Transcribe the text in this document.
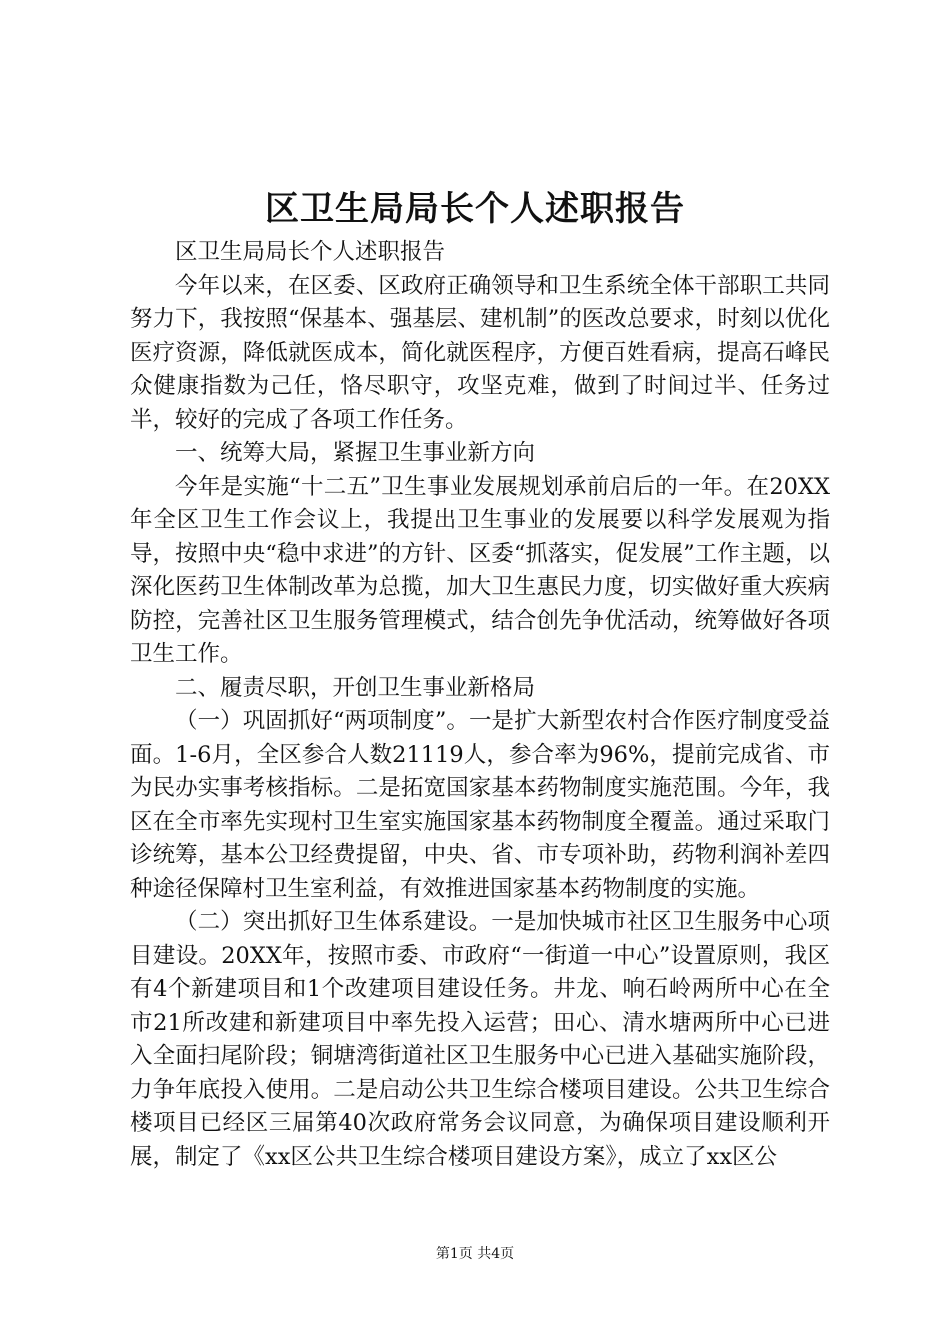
区卫生局局长个人述职报告

区卫生局局长个人述职报告

今年以来，在区委、区政府正确领导和卫生系统全体干部职工共同努力下，我按照“保基本、强基层、建机制”的医改总要求，时刻以优化医疗资源，降低就医成本，简化就医程序，方便百姓看病，提高石峰民众健康指数为己任，恪尽职守，攻坚克难，做到了时间过半、任务过半，较好的完成了各项工作任务。

一、统筹大局，紧握卫生事业新方向

今年是实施“十二五”卫生事业发展规划承前启后的一年。在20XX年全区卫生工作会议上，我提出卫生事业的发展要以科学发展观为指导，按照中央“稳中求进”的方针、区委“抓落实，促发展”工作主题，以深化医药卫生体制改革为总揽，加大卫生惠民力度，切实做好重大疾病防控，完善社区卫生服务管理模式，结合创先争优活动，统筹做好各项卫生工作。

二、履责尽职，开创卫生事业新格局

（一）巩固抓好“两项制度”。一是扩大新型农村合作医疗制度受益面。1-6月，全区参合人数21119人，参合率为96%，提前完成省、市为民办实事考核指标。二是拓宽国家基本药物制度实施范围。今年，我区在全市率先实现村卫生室实施国家基本药物制度全覆盖。通过采取门诊统筹，基本公卫经费提留，中央、省、市专项补助，药物利润补差四种途径保障村卫生室利益，有效推进国家基本药物制度的实施。

（二）突出抓好卫生体系建设。一是加快城市社区卫生服务中心项目建设。20XX年，按照市委、市政府“一街道一中心”设置原则，我区有4个新建项目和1个改建项目建设任务。井龙、响石岭两所中心在全市21所改建和新建项目中率先投入运营；田心、清水塘两所中心已进入全面扫尾阶段；铜塘湾街道社区卫生服务中心已进入基础实施阶段，力争年底投入使用。二是启动公共卫生综合楼项目建设。公共卫生综合楼项目已经区三届第40次政府常务会议同意，为确保项目建设顺利开展，制定了《xx区公共卫生综合楼项目建设方案》，成立了xx区公

第1页 共4页
